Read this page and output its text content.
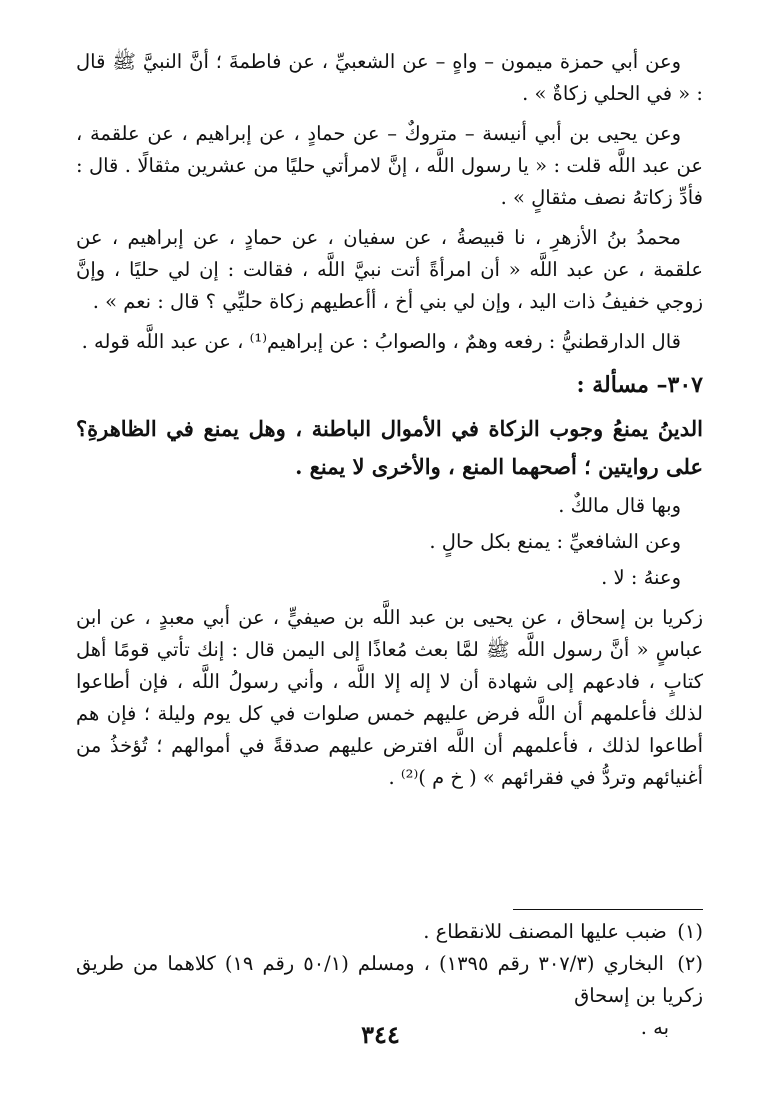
وعن أبي حمزة ميمون – واهٍ – عن الشعبيِّ ، عن فاطمةَ ؛ أنَّ النبيَّ ﷺ قال : « في الحلي زكاةٌ » .

وعن يحيى بن أبي أنيسة – متروكٌ – عن حمادٍ ، عن إبراهيم ، عن علقمة ، عن عبد اللَّه قلت : « يا رسول اللَّه ، إنَّ لامرأتي حليًا من عشرين مثقالًا . قال : فأدِّ زكاتهُ نصف مثقالٍ » .

محمدُ بنُ الأزهرِ ، نا قبيصةُ ، عن سفيان ، عن حمادٍ ، عن إبراهيم ، عن علقمة ، عن عبد اللَّه « أن امرأةً أتت نبيَّ اللَّه ، فقالت : إن لي حليًا ، وإنَّ زوجي خفيفُ ذات اليد ، وإن لي بني أخ ، أأعطيهم زكاة حليِّي ؟ قال : نعم » .

قال الدارقطنيُّ : رفعه وهمٌ ، والصوابُ : عن إبراهيم⁽¹⁾ ، عن عبد اللَّه قوله .

٣٠٧– مسألة :
الدينُ يمنعُ وجوب الزكاة في الأموال الباطنة ، وهل يمنع في الظاهرةِ؟ على روايتين ؛ أصحهما المنع ، والأخرى لا يمنع .

وبها قال مالكٌ .

وعن الشافعيِّ : يمنع بكل حالٍ .

وعنهُ : لا .

زكريا بن إسحاق ، عن يحيى بن عبد اللَّه بن صيفيٍّ ، عن أبي معبدٍ ، عن ابن عباسٍ « أنَّ رسول اللَّه ﷺ لمَّا بعث مُعاذًا إلى اليمن قال : إنك تأتي قومًا أهل كتابٍ ، فادعهم إلى شهادة أن لا إله إلا اللَّه ، وأني رسولُ اللَّه ، فإن أطاعوا لذلك فأعلمهم أن اللَّه فرض عليهم خمس صلوات في كل يوم وليلة ؛ فإن هم أطاعوا لذلك ، فأعلمهم أن اللَّه افترض عليهم صدقةً في أموالهم ؛ تُؤخذُ من أغنيائهم وتردُّ في فقرائهم » ( خ م )⁽²⁾ .

(١) ضبب عليها المصنف للانقطاع .

(٢) البخاري (٣٠٧/٣ رقم ١٣٩٥) ، ومسلم (٥٠/١ رقم ١٩) كلاهما من طريق زكريا بن إسحاق

به .

٣٤٤
